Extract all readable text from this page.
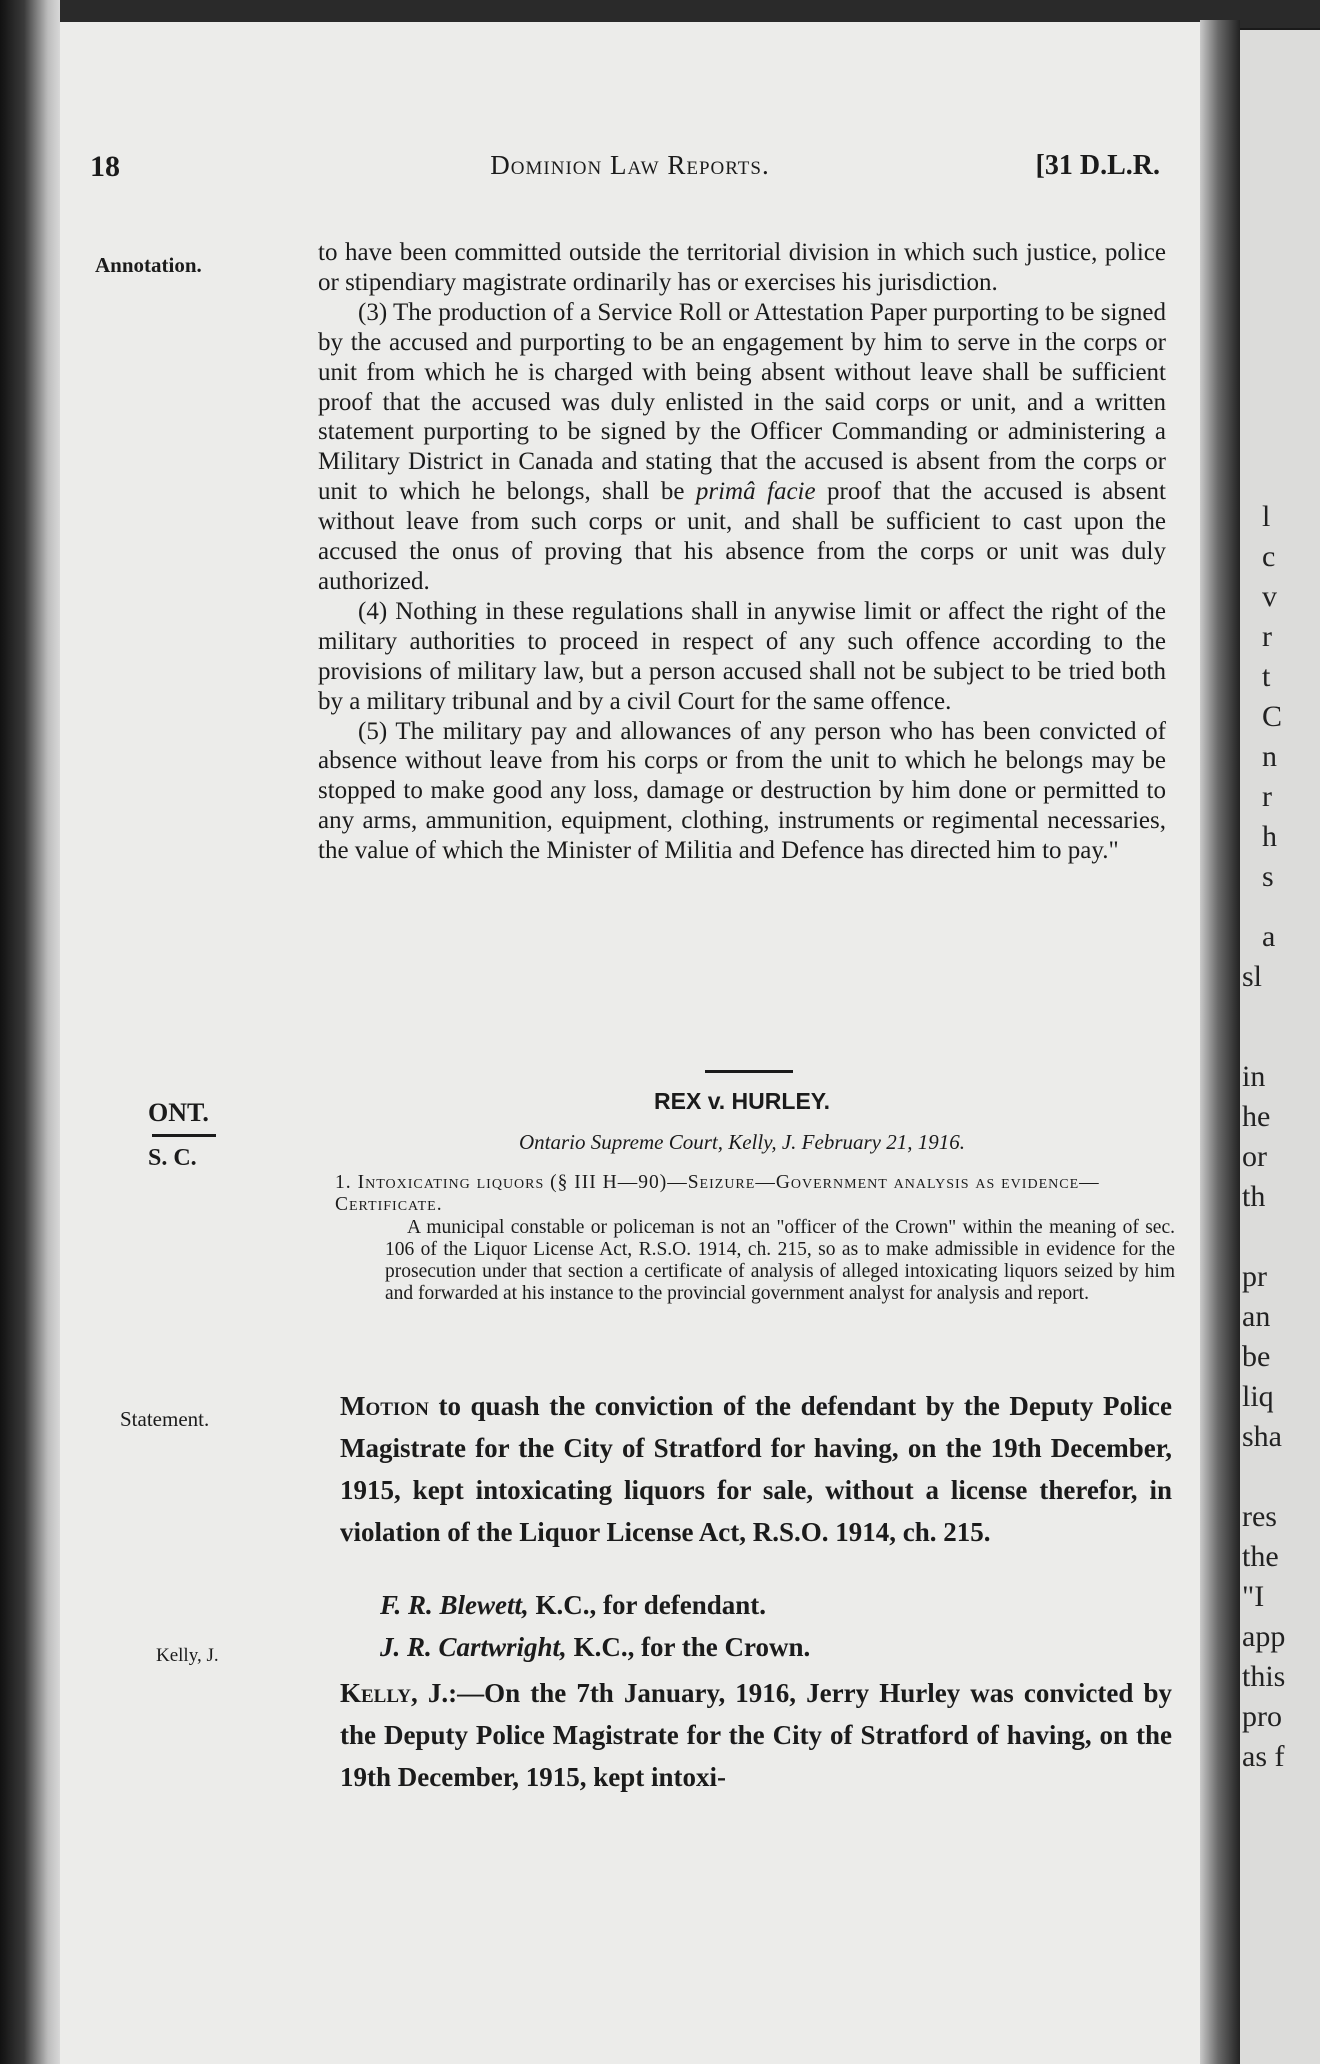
l
c
v
r
t
C
n
r
h
s
a
sl
in
he
or
th
pr
an
be
liq
sha
res
the
"I
app
this
pro
as f
18	Dominion Law Reports.	[31 D.L.R.
Annotation.	to have been committed outside the territorial division in which such justice, police or stipendiary magistrate ordinarily has or exercises his jurisdiction.

(3) The production of a Service Roll or Attestation Paper purporting to be signed by the accused and purporting to be an engagement by him to serve in the corps or unit from which he is charged with being absent without leave shall be sufficient proof that the accused was duly enlisted in the said corps or unit, and a written statement purporting to be signed by the Officer Commanding or administering a Military District in Canada and stating that the accused is absent from the corps or unit to which he belongs, shall be primâ facie proof that the accused is absent without leave from such corps or unit, and shall be sufficient to cast upon the accused the onus of proving that his absence from the corps or unit was duly authorized.

(4) Nothing in these regulations shall in anywise limit or affect the right of the military authorities to proceed in respect of any such offence according to the provisions of military law, but a person accused shall not be subject to be tried both by a military tribunal and by a civil Court for the same offence.

(5) The military pay and allowances of any person who has been convicted of absence without leave from his corps or from the unit to which he belongs may be stopped to make good any loss, damage or destruction by him done or permitted to any arms, ammunition, equipment, clothing, instruments or regimental necessaries, the value of which the Minister of Militia and Defence has directed him to pay."

ONT.
S. C.
REX v. HURLEY.
Ontario Supreme Court, Kelly, J. February 21, 1916.

1. Intoxicating liquors (§ III H—90)—Seizure—Government analysis as evidence—Certificate.

A municipal constable or policeman is not an "officer of the Crown" within the meaning of sec. 106 of the Liquor License Act, R.S.O. 1914, ch. 215, so as to make admissible in evidence for the prosecution under that section a certificate of analysis of alleged intoxicating liquors seized by him and forwarded at his instance to the provincial government analyst for analysis and report.

Statement.	Motion to quash the conviction of the defendant by the Deputy Police Magistrate for the City of Stratford for having, on the 19th December, 1915, kept intoxicating liquors for sale, without a license therefor, in violation of the Liquor License Act, R.S.O. 1914, ch. 215.
F. R. Blewett, K.C., for defendant.
J. R. Cartwright, K.C., for the Crown.
Kelly, J.
Kelly, J.:—On the 7th January, 1916, Jerry Hurley was convicted by the Deputy Police Magistrate for the City of Stratford of having, on the 19th December, 1915, kept intoxi-
